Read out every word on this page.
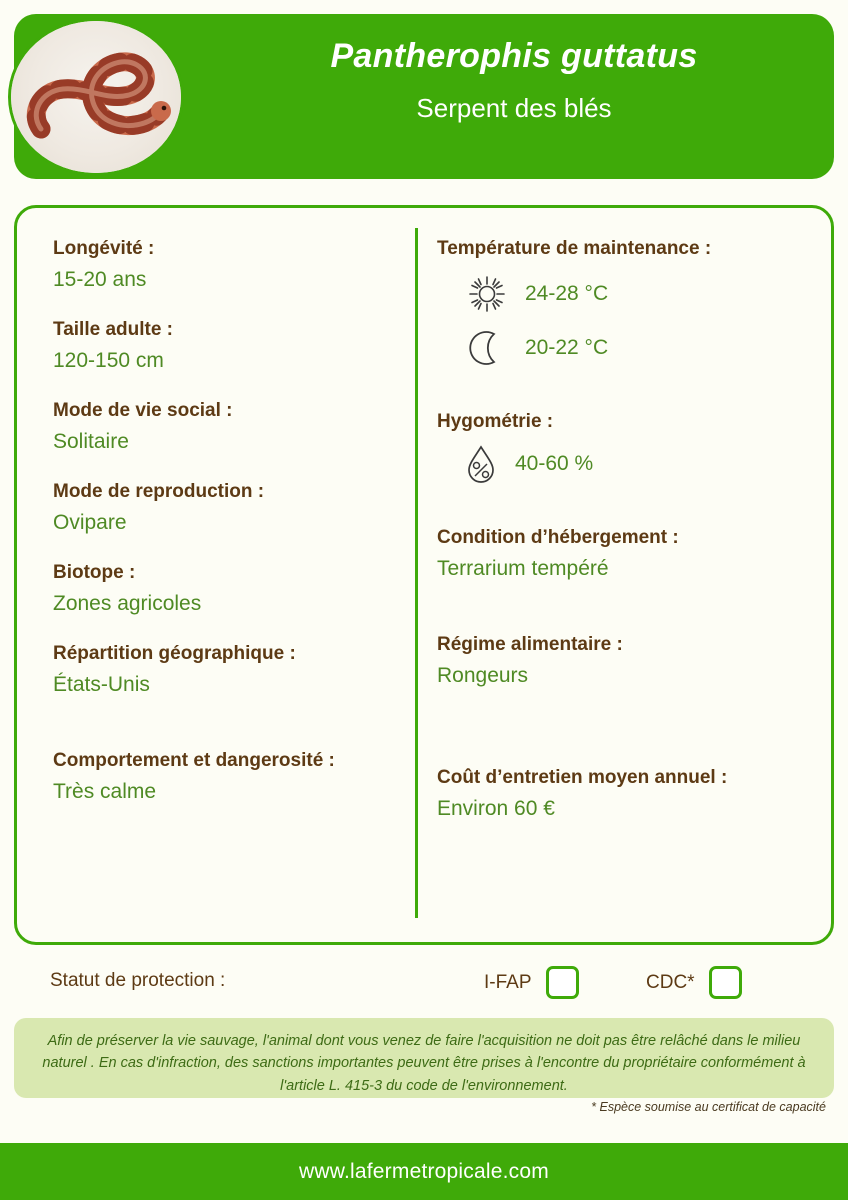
Pantherophis guttatus
Serpent des blés

Longévité :

15-20 ans

Taille adulte :

120-150 cm

Mode de vie social :

Solitaire

Mode de reproduction :

Ovipare

Biotope :

Zones agricoles

Répartition géographique :

États-Unis

Comportement et dangerosité :

Très calme

Température de maintenance :

24-28 °C
20-22 °C

Hygométrie :

40-60 %

Condition d’hébergement :

Terrarium tempéré

Régime alimentaire :

Rongeurs

Coût d’entretien moyen annuel :

Environ 60 €

Statut de protection :	I-FAP	CDC*

Afin de préserver la vie sauvage, l'animal dont vous venez de faire l'acquisition ne doit pas être relâché dans le milieu naturel . En cas d'infraction, des sanctions importantes peuvent être prises à l'encontre du propriétaire conformément à l'article L. 415-3 du code de l'environnement.

* Espèce soumise au certificat de capacité
www.lafermetropicale.com
